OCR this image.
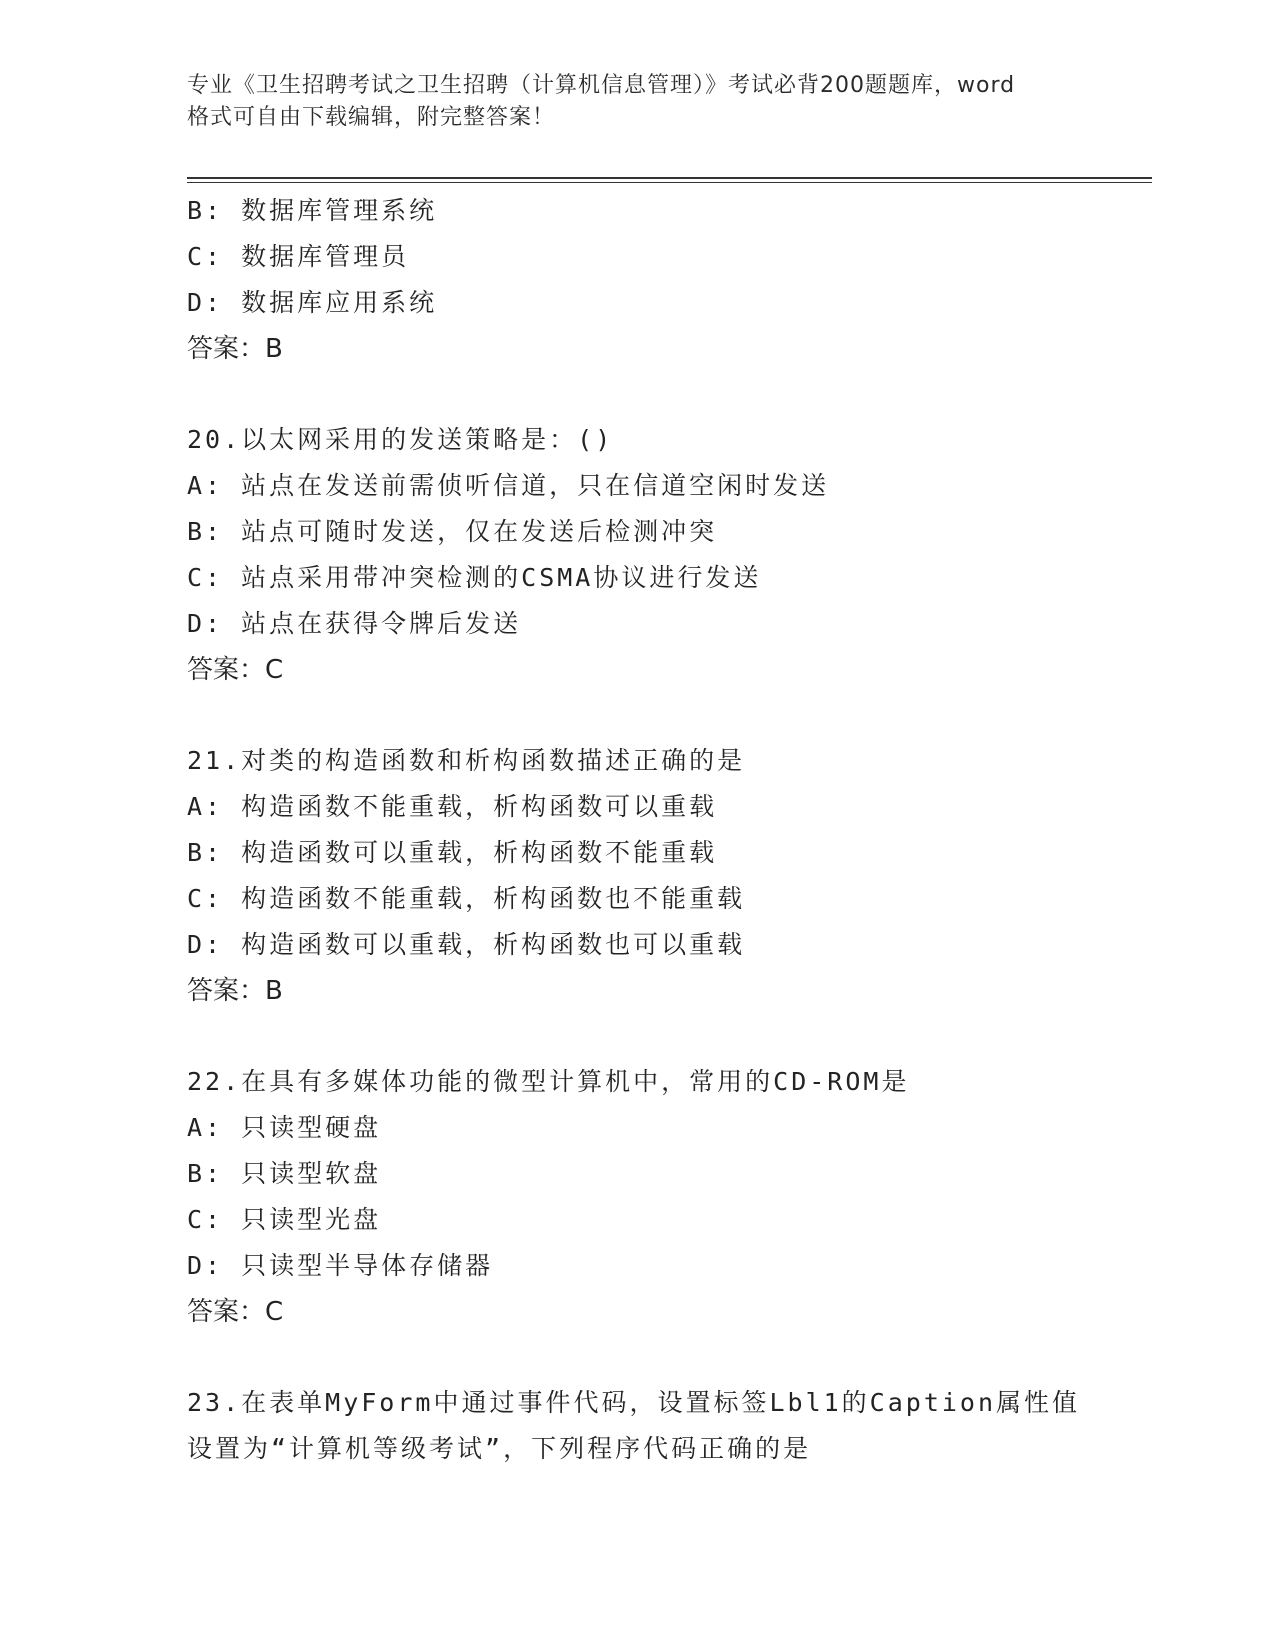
专业《卫生招聘考试之卫生招聘（计算机信息管理）》考试必背200题题库，word
格式可自由下载编辑，附完整答案！
B: 数据库管理系统
C: 数据库管理员
D: 数据库应用系统
答案：B
20.以太网采用的发送策略是：()
A: 站点在发送前需侦听信道，只在信道空闲时发送
B: 站点可随时发送，仅在发送后检测冲突
C: 站点采用带冲突检测的CSMA协议进行发送
D: 站点在获得令牌后发送
答案：C
21.对类的构造函数和析构函数描述正确的是
A: 构造函数不能重载，析构函数可以重载
B: 构造函数可以重载，析构函数不能重载
C: 构造函数不能重载，析构函数也不能重载
D: 构造函数可以重载，析构函数也可以重载
答案：B
22.在具有多媒体功能的微型计算机中，常用的CD-ROM是
A: 只读型硬盘
B: 只读型软盘
C: 只读型光盘
D: 只读型半导体存储器
答案：C
23.在表单MyForm中通过事件代码，设置标签Lbl1的Caption属性值
设置为“计算机等级考试”，下列程序代码正确的是
